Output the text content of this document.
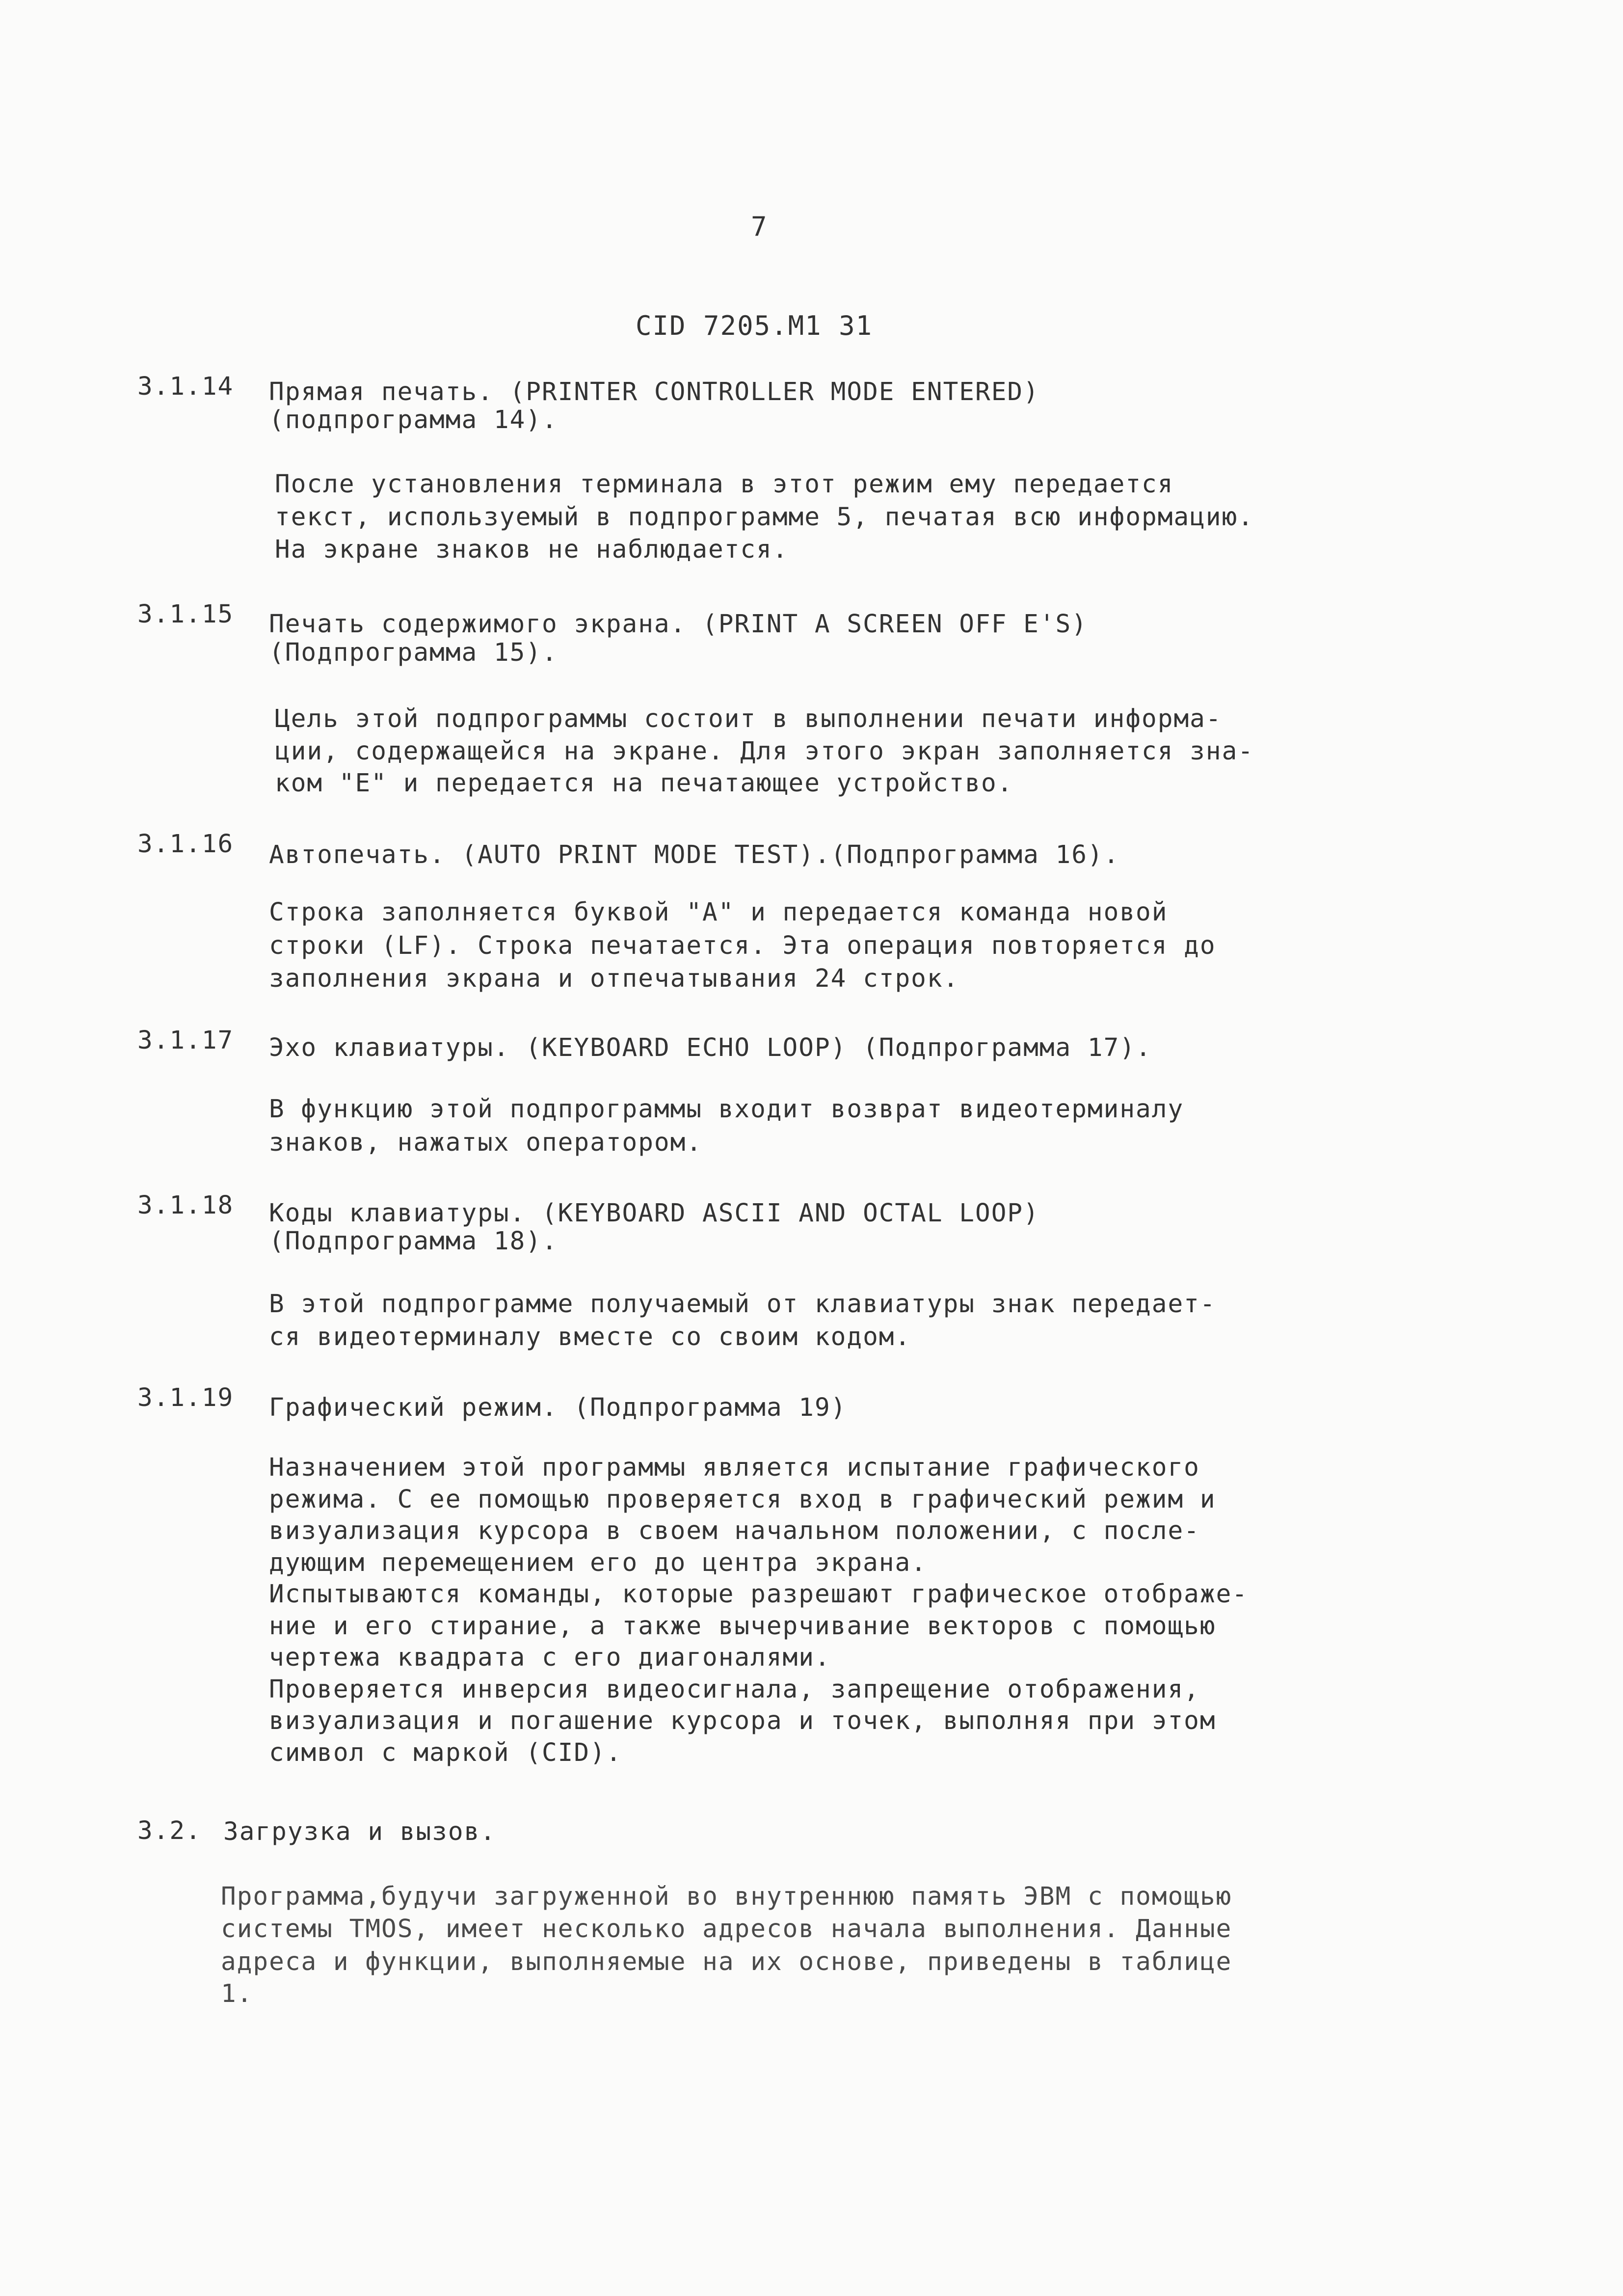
7
CID 7205.M1 31
3.1.14 Прямая печать. (PRINTER CONTROLLER MODE ENTERED)
(подпрограмма 14).
После установления терминала в этот режим ему передается
текст, используемый в подпрограмме 5, печатая всю информацию.
На экране знаков не наблюдается.
3.1.15 Печать содержимого экрана. (PRINT A SCREEN OFF E'S)
(Подпрограмма 15).
Цель этой подпрограммы состоит в выполнении печати информа-
ции, содержащейся на экране. Для этого экран заполняется зна-
ком "E" и передается на печатающее устройство.
3.1.16 Автопечать. (AUTO PRINT MODE TEST).(Подпрограмма 16).
Строка заполняется буквой "A" и передается команда новой
строки (LF). Строка печатается. Эта операция повторяется до
заполнения экрана и отпечатывания 24 строк.
3.1.17 Эхо клавиатуры. (KEYBOARD ECHO LOOP) (Подпрограмма 17).
В функцию этой подпрограммы входит возврат видеотерминалу
знаков, нажатых оператором.
3.1.18 Коды клавиатуры. (KEYBOARD ASCII AND OCTAL LOOP)
(Подпрограмма 18).
В этой подпрограмме получаемый от клавиатуры знак передает-
ся видеотерминалу вместе со своим кодом.
3.1.19 Графический режим. (Подпрограмма 19)
Назначением этой программы является испытание графического
режима. С ее помощью проверяется вход в графический режим и
визуализация курсора в своем начальном положении, с после-
дующим перемещением его до центра экрана.
Испытываются команды, которые разрешают графическое отображе-
ние и его стирание, а также вычерчивание векторов с помощью
чертежа квадрата с его диагоналями.
Проверяется инверсия видеосигнала, запрещение отображения,
визуализация и погашение курсора и точек, выполняя при этом
символ с маркой (CID).
3.2. Загрузка и вызов.
Программа,будучи загруженной во внутреннюю память ЭВМ с помощью
системы TMOS, имеет несколько адресов начала выполнения. Данные
адреса и функции, выполняемые на их основе, приведены в таблице
1.
